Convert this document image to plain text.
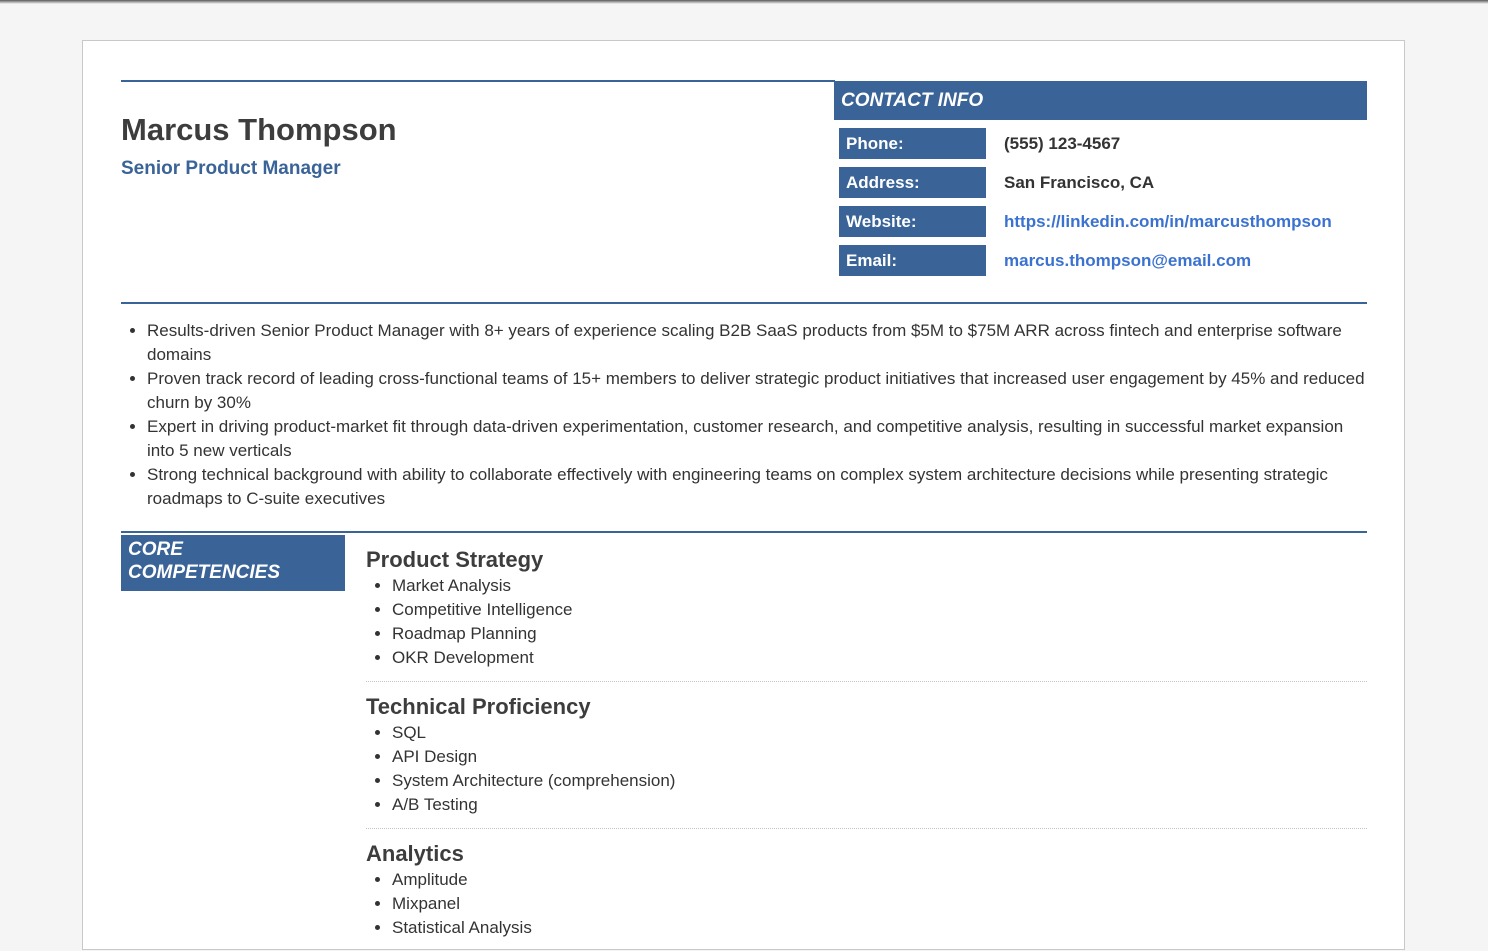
Marcus Thompson
Senior Product Manager
CONTACT INFO
Phone:	(555) 123-4567
Address:	San Francisco, CA
Website:	https://linkedin.com/in/marcusthompson
Email:	marcus.thompson@email.com
• Results-driven Senior Product Manager with 8+ years of experience scaling B2B SaaS products from $5M to $75M ARR across fintech and enterprise software domains
• Proven track record of leading cross-functional teams of 15+ members to deliver strategic product initiatives that increased user engagement by 45% and reduced churn by 30%
• Expert in driving product-market fit through data-driven experimentation, customer research, and competitive analysis, resulting in successful market expansion into 5 new verticals
• Strong technical background with ability to collaborate effectively with engineering teams on complex system architecture decisions while presenting strategic roadmaps to C-suite executives
CORE COMPETENCIES
Product Strategy
• Market Analysis
• Competitive Intelligence
• Roadmap Planning
• OKR Development
Technical Proficiency
• SQL
• API Design
• System Architecture (comprehension)
• A/B Testing
Analytics
• Amplitude
• Mixpanel
• Statistical Analysis
